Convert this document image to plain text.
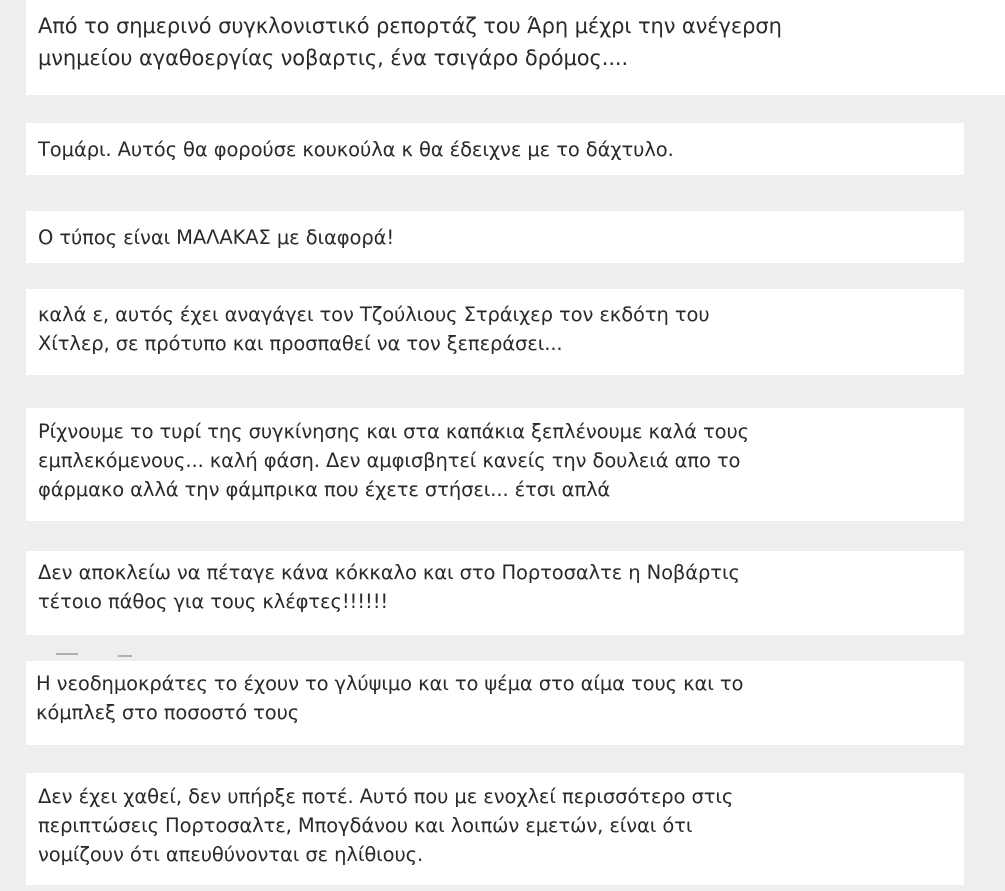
Από το σημερινό συγκλονιστικό ρεπορτάζ του Άρη μέχρι την ανέγερση
μνημείου αγαθοεργίας νοβαρτις, ένα τσιγάρο δρόμος....
Τομάρι. Αυτός θα φορούσε κουκούλα κ θα έδειχνε με το δάχτυλο.
Ο τύπος είναι ΜΑΛΑΚΑΣ με διαφορά!
καλά ε, αυτός έχει αναγάγει τον Τζούλιους Στράιχερ τον εκδότη του
Χίτλερ, σε πρότυπο και προσπαθεί να τον ξεπεράσει...
Ρίχνουμε το τυρί της συγκίνησης και στα καπάκια ξεπλένουμε καλά τους
εμπλεκόμενους... καλή φάση. Δεν αμφισβητεί κανείς την δουλειά απο το
φάρμακο αλλά την φάμπρικα που έχετε στήσει... έτσι απλά
Δεν αποκλείω να πέταγε κάνα κόκκαλο και στο Πορτοσαλτε η Νοβάρτις
τέτοιο πάθος για τους κλέφτες!!!!!!
Η νεοδημοκράτες το έχουν το γλύψιμο και το ψέμα στο αίμα τους και το
κόμπλεξ στο ποσοστό τους
Δεν έχει χαθεί, δεν υπήρξε ποτέ. Αυτό που με ενοχλεί περισσότερο στις
περιπτώσεις Πορτοσαλτε, Μπογδάνου και λοιπών εμετών, είναι ότι
νομίζουν ότι απευθύνονται σε ηλίθιους.
